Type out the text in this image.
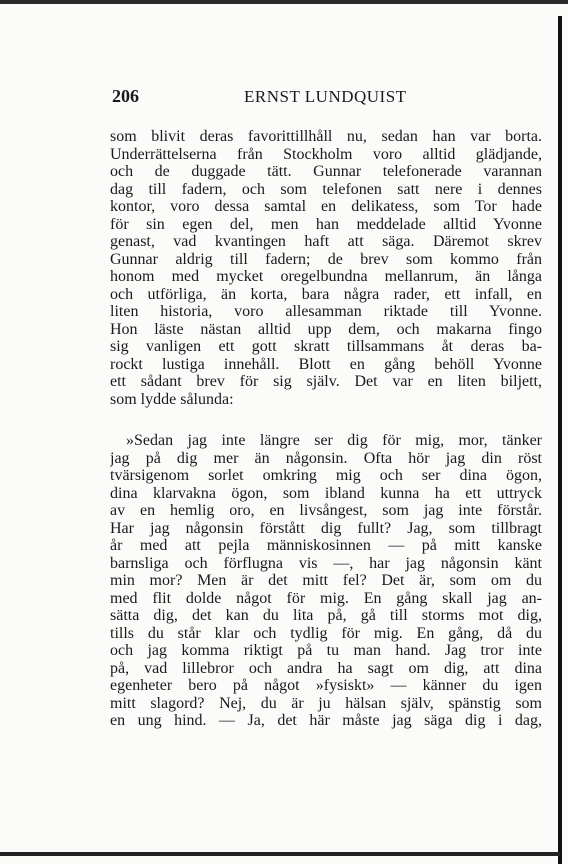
206	ERNST LUNDQUIST
som blivit deras favorittillhåll nu, sedan han var borta.
Underrättelserna från Stockholm voro alltid glädjande,
och de duggade tätt. Gunnar telefonerade varannan
dag till fadern, och som telefonen satt nere i dennes
kontor, voro dessa samtal en delikatess, som Tor hade
för sin egen del, men han meddelade alltid Yvonne
genast, vad kvantingen haft att säga. Däremot skrev
Gunnar aldrig till fadern; de brev som kommo från
honom med mycket oregelbundna mellanrum, än långa
och utförliga, än korta, bara några rader, ett infall, en
liten historia, voro allesamman riktade till Yvonne.
Hon läste nästan alltid upp dem, och makarna fingo
sig vanligen ett gott skratt tillsammans åt deras ba-
rockt lustiga innehåll. Blott en gång behöll Yvonne
ett sådant brev för sig själv. Det var en liten biljett,
som lydde sålunda:
»Sedan jag inte längre ser dig för mig, mor, tänker
jag på dig mer än någonsin. Ofta hör jag din röst
tvärsigenom sorlet omkring mig och ser dina ögon,
dina klarvakna ögon, som ibland kunna ha ett uttryck
av en hemlig oro, en livsångest, som jag inte förstår.
Har jag någonsin förstått dig fullt? Jag, som tillbragt
år med att pejla människosinnen — på mitt kanske
barnsliga och förflugna vis —, har jag någonsin känt
min mor? Men är det mitt fel? Det är, som om du
med flit dolde något för mig. En gång skall jag an-
sätta dig, det kan du lita på, gå till storms mot dig,
tills du står klar och tydlig för mig. En gång, då du
och jag komma riktigt på tu man hand. Jag tror inte
på, vad lillebror och andra ha sagt om dig, att dina
egenheter bero på något »fysiskt» — känner du igen
mitt slagord? Nej, du är ju hälsan själv, spänstig som
en ung hind. — Ja, det här måste jag säga dig i dag,
